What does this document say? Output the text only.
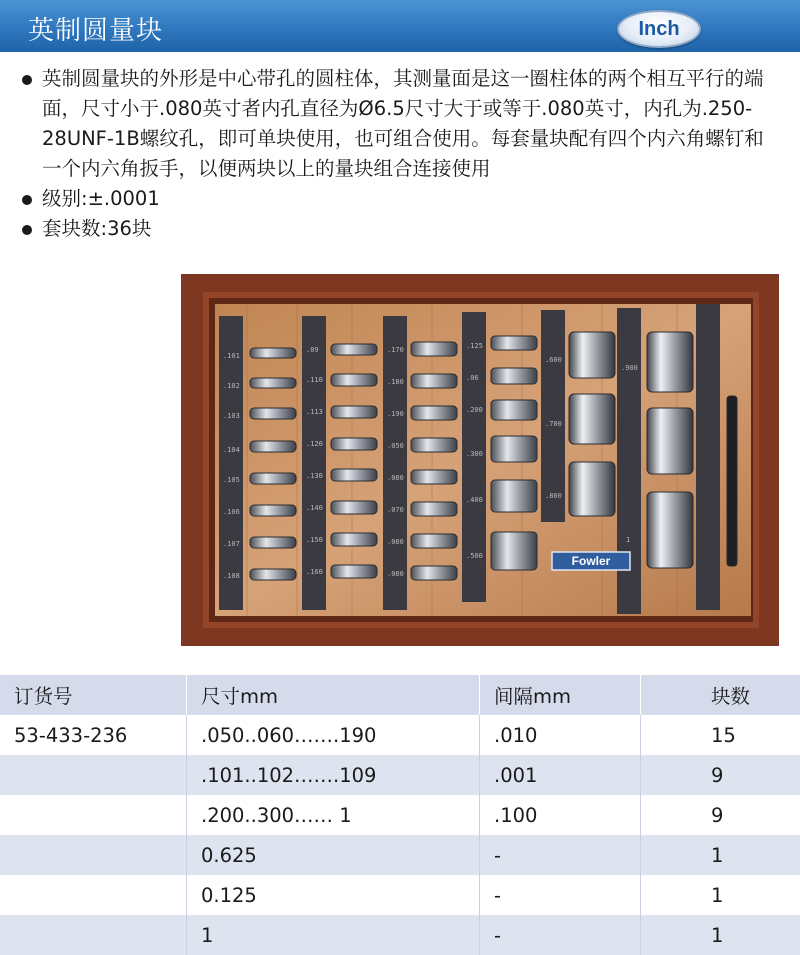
英制圆量块	Inch
英制圆量块的外形是中心带孔的圆柱体，其测量面是这一圈柱体的两个相互平行的端面，尺寸小于.080英寸者内孔直径为Ø6.5尺寸大于或等于.080英寸，内孔为.250-28UNF-1B螺纹孔，即可单块使用，也可组合使用。每套量块配有四个内六角螺钉和一个内六角扳手，以便两块以上的量块组合连接使用
级别:±.0001
套块数:36块
.101
.102
.103
.104
.105
.106
.107
.108
.09
.110
.113
.120
.130
.140
.150
.160
.170
.180
.190
.050
.080
.070
.080
.080
.125
.06
.200
.300
.400
.500
.600
.700
.800
.900
1
Fowler
订货号	尺寸mm	间隔mm	块数
53-433-236	.050..060…….190	.010	15
	.101..102…….109	.001	9
	.200..300…… 1	.100	9
	0.625	-	1
	0.125	-	1
	1	-	1
